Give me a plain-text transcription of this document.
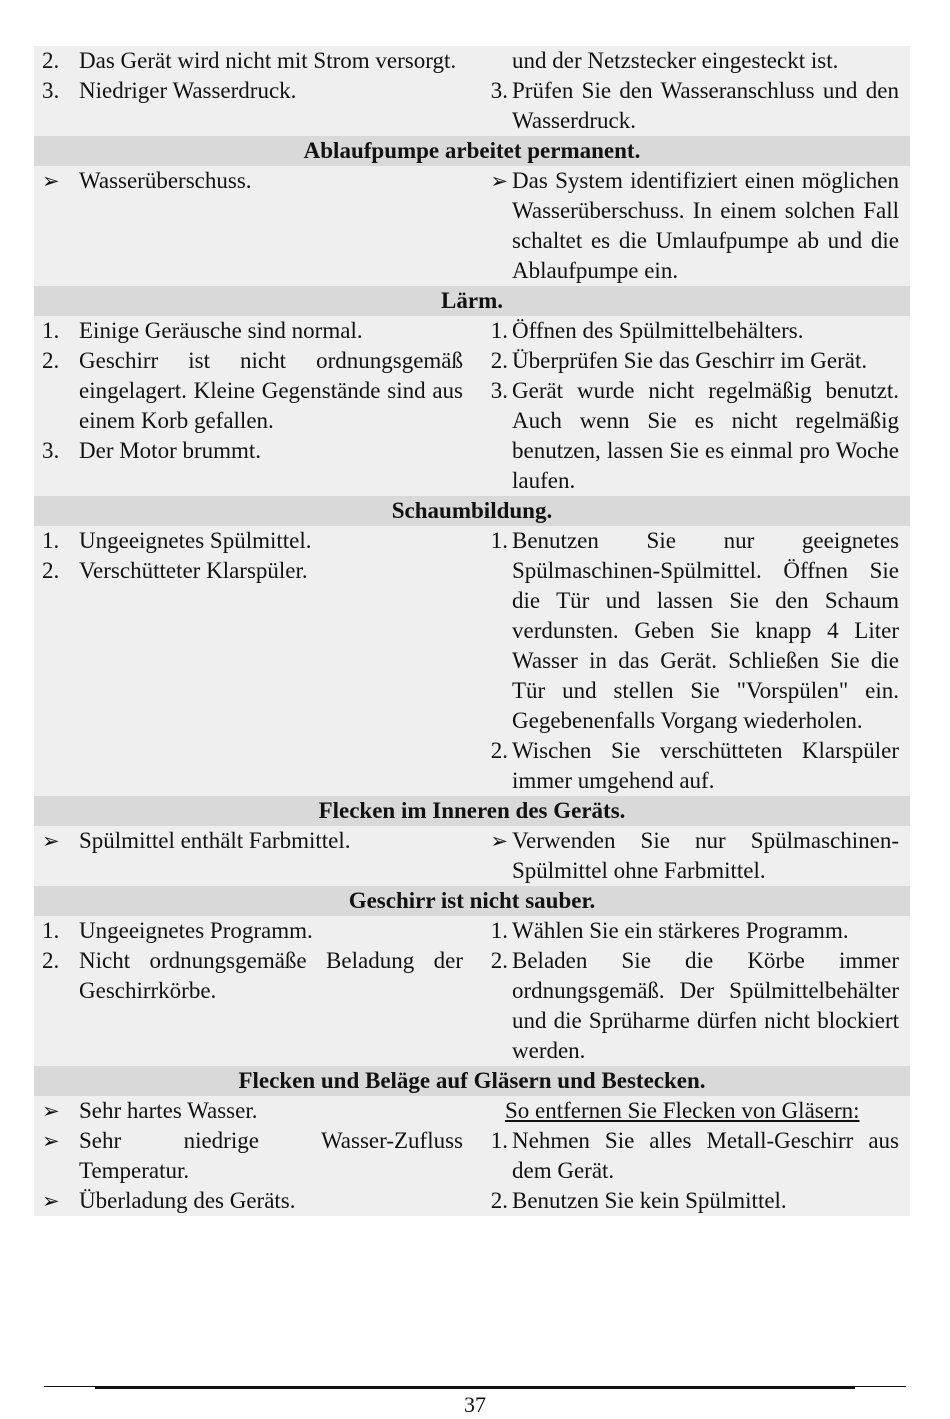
2. Das Gerät wird nicht mit Strom versorgt.
3. Niedriger Wasserdruck.
und der Netzstecker eingesteckt ist.
3. Prüfen Sie den Wasseranschluss und den Wasserdruck.
Ablaufpumpe arbeitet permanent.
➢ Wasserüberschuss.	➢ Das System identifiziert einen möglichen Wasserüberschuss. In einem solchen Fall schaltet es die Umlaufpumpe ab und die Ablaufpumpe ein.
Lärm.
1. Einige Geräusche sind normal.
2. Geschirr ist nicht ordnungsgemäß eingelagert. Kleine Gegenstände sind aus einem Korb gefallen.
3. Der Motor brummt.
1. Öffnen des Spülmittelbehälters.
2. Überprüfen Sie das Geschirr im Gerät.
3. Gerät wurde nicht regelmäßig benutzt. Auch wenn Sie es nicht regelmäßig benutzen, lassen Sie es einmal pro Woche laufen.
Schaumbildung.
1. Ungeeignetes Spülmittel.
2. Verschütteter Klarspüler.
1. Benutzen Sie nur geeignetes Spülmaschinen-Spülmittel. Öffnen Sie die Tür und lassen Sie den Schaum verdunsten. Geben Sie knapp 4 Liter Wasser in das Gerät. Schließen Sie die Tür und stellen Sie "Vorspülen" ein. Gegebenenfalls Vorgang wiederholen.
2. Wischen Sie verschütteten Klarspüler immer umgehend auf.
Flecken im Inneren des Geräts.
➢ Spülmittel enthält Farbmittel.	➢ Verwenden Sie nur Spülmaschinen-Spülmittel ohne Farbmittel.
Geschirr ist nicht sauber.
1. Ungeeignetes Programm.
2. Nicht ordnungsgemäße Beladung der Geschirrkörbe.
1. Wählen Sie ein stärkeres Programm.
2. Beladen Sie die Körbe immer ordnungsgemäß. Der Spülmittelbehälter und die Sprüharme dürfen nicht blockiert werden.
Flecken und Beläge auf Gläsern und Bestecken.
➢ Sehr hartes Wasser.
➢ Sehr niedrige Wasser-Zufluss Temperatur.
➢ Überladung des Geräts.
So entfernen Sie Flecken von Gläsern:
1. Nehmen Sie alles Metall-Geschirr aus dem Gerät.
2. Benutzen Sie kein Spülmittel.
37
